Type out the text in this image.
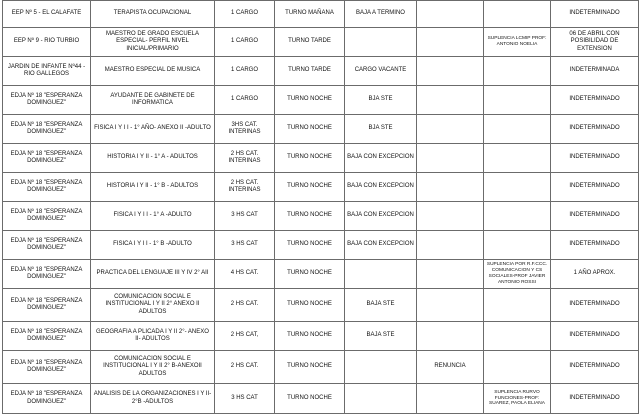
EEP Nº 5 - EL CALAFATE	TERAPISTA OCUPACIONAL	1 CARGO	TURNO MAÑANA	BAJA A TERMINO			INDETERMINADO
EEP Nº 9 - RIO TURBIO	MAESTRO DE GRADO ESCUELA ESPECIAL- PERFIL NIVEL INICIAL/PRIMARIO	1 CARGO	TURNO TARDE			SUPLENCIA LCMIP PROF: ANTONIO NOELIA	06 DE ABRIL CON POSIBILIDAD DE EXTENSION
JARDIN DE INFANTE Nº44 - RIO GALLEGOS	MAESTRO ESPECIAL DE MUSICA	1 CARGO	TURNO TARDE	CARGO VACANTE			INDETERMINADA
EDJA Nº 18 "ESPERANZA DOMINGUEZ"	AYUDANTE DE GABINETE DE INFORMATICA	1 CARGO	TURNO NOCHE	BJA STE			INDETERMINADO
EDJA Nº 18 "ESPERANZA DOMINGUEZ"	FISICA I Y I I - 1° AÑO- ANEXO II -ADULTO	3HS CAT. INTERINAS	TURNO NOCHE	BJA STE			INDETERMINADO
EDJA Nº 18 "ESPERANZA DOMINGUEZ"	HISTORIA I Y II - 1° A - ADULTOS	2 HS CAT. INTERINAS	TURNO NOCHE	BAJA CON EXCEPCION			INDETERMINADO
EDJA Nº 18 "ESPERANZA DOMINGUEZ"	HISTORIA I Y II - 1° B - ADULTOS	2 HS CAT. INTERINAS	TURNO NOCHE	BAJA CON EXCEPCION			INDETERMINADO
EDJA Nº 18 "ESPERANZA DOMINGUEZ"	FISICA I Y I I - 1° A -ADULTO	3 HS CAT	TURNO NOCHE	BAJA CON EXCEPCION			INDETERMINADO
EDJA Nº 18 "ESPERANZA DOMINGUEZ"	FISICA I Y I I - 1° B -ADULTO	3 HS CAT	TURNO NOCHE	BAJA CON EXCEPCION			INDETERMINADO
EDJA Nº 18 "ESPERANZA DOMINGUEZ"	PRACTICA DEL LENGUAJE III Y IV 2° AII	4 HS CAT.	TURNO NOCHE			SUPLENCIA POR R.F.CCC. COMUNICACION Y CS SOCIALES-PROF JAVIER ANTONIO ROSSI	1 AÑO APROX.
EDJA Nº 18 "ESPERANZA DOMINGUEZ"	COMUNICACION SOCIAL E INSTITUCIONAL I Y II 2° ANEXO II ADULTOS	2 HS CAT.	TURNO NOCHE	BAJA STE			INDETERMINADO
EDJA Nº 18 "ESPERANZA DOMINGUEZ"	GEOGRAFIA A PLICADA I Y II 2°- ANEXO II- ADULTOS	2 HS CAT,	TURNO NOCHE	BAJA STE			INDETERMINADO
EDJA Nº 18 "ESPERANZA DOMINGUEZ"	COMUNICACION SOCIAL E INSTITUCIONAL I Y II 2° B-ANEXOII ADULTOS	2 HS CAT.	TURNO NOCHE		RENUNCIA		INDETERMINADO
EDJA Nº 18 "ESPERANZA DOMINGUEZ"	ANALISIS DE LA ORGANIZACIONES I Y II- 2°B -ADULTOS	3 HS CAT	TURNO NOCHE			SUPLENCIA RURVO FUNCIONES-PROF: SUAREZ, PAOLA ELIANA	INDETERMINADO
